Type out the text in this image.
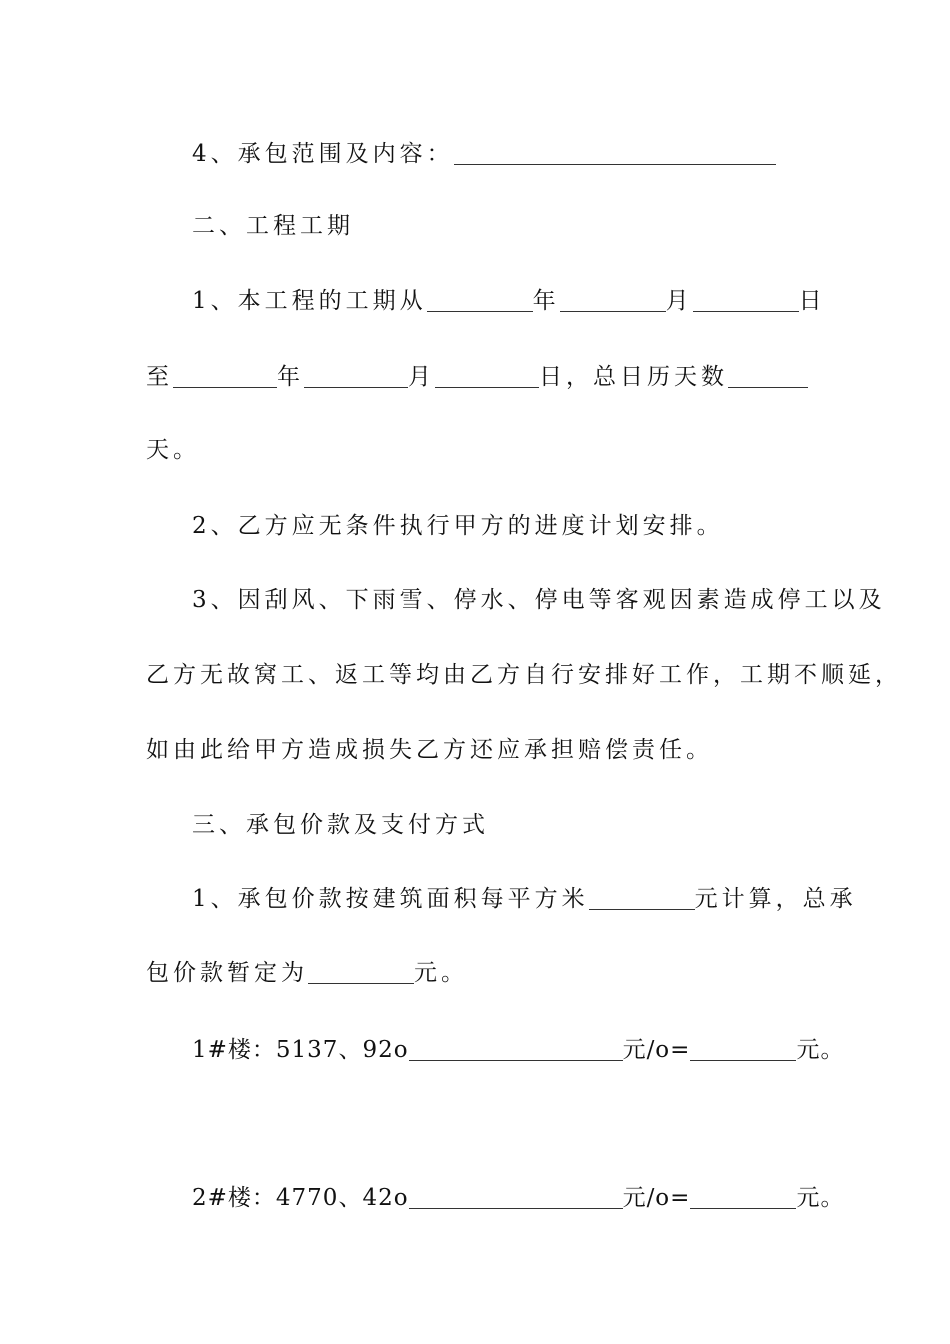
4、承包范围及内容：
二、工程工期
1、本工程的工期从	年	月	日
至	年	月	日，总日历天数
天。
2、乙方应无条件执行甲方的进度计划安排。
3、因刮风、下雨雪、停水、停电等客观因素造成停工以及
乙方无故窝工、返工等均由乙方自行安排好工作，工期不顺延，
如由此给甲方造成损失乙方还应承担赔偿责任。
三、承包价款及支付方式
1、承包价款按建筑面积每平方米	元计算，总承
包价款暂定为	元。
1#楼：5137、92o	元/o=	元。
2#楼：4770、42o	元/o=	元。
